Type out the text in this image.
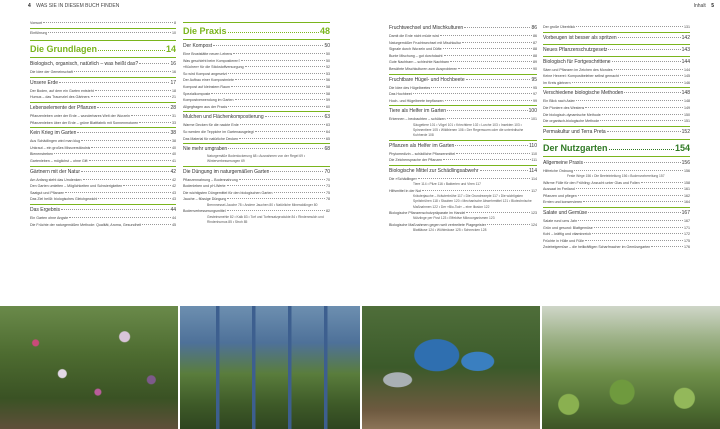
4 WAS SIE IN DIESEM BUCH FINDEN	Inhalt 5
Vorwort	8
Einführung	10
Die Grundlagen	14
Biologisch, organisch, natürlich – was heißt das?	16
Die Idee der Gemeinschaft	16
Unsere Erde	17
Der Boden, auf dem ein Garten entsteht	18
Humus – das Traumziel des Gärtners	21
Lebenselemente der Pflanzen	28
Pflanzenleben unter der Erde – wunderbares Welt der Wurzeln	31
Pflanzenleben über der Erde – grüne Blattfabrik mit Sonnenmotoren	33
Kein Krieg im Garten	38
Aus Schädlingen wird man klug	38
Unkraut – ein großes Missverständnis	40
Bienenstreben	40
Gartenleben – möglichst – ohne Gift	41
Gärtnern mit der Natur	42
Am Anfang steht das Umdenken	42
Den Garten umleiten – Möglichkeiten und Schwierigkeiten	42
Saatgut und Pflanzen	43
Das Ziel heißt: biologisches Gleichgewicht	43
Das Ergebnis	44
Ein Garten ohne Angste	44
Die Früchte der naturgemäßen Methode: Qualität, Aroma, Gesundheit	45
Die Praxis	48
Der Kompost	50
Eine Bruststätte neuen Lebens	50
Was geschieht beim Kompostieren?	50
»Küchen« für die Stickstoffversorgung	52
So wird Kompost angesetzt	53
Der Aufbau einer Kompostmiete	56
Kompost auf kleinstem Raum	58
Spezialkomposte	58
Kompostverwendung im Garten	59
Allgegfragen aus der Praxis	60
Mulchen und Flächenkompostierung	63
Warme Decken für die nackte Erde	63
So werden die Teppiche im Gartenausgelegt	64
Das Material für natürliche Decken	65
Nie mehr umgraben	68
Naturgemäße Bodenlockerung 68 • Ausnahmen von der Regel 69 • Winterverbesserungen 69
Die Düngung im naturgemäßen Garten	70
Pflanzennahrung – Bodennahrung	70
Bodenleben und pH-Werte	73
Die wichtigsten Düngemittel für den biologischen Garten	75
Jauche – flüssige Düngung	78
Brennnessel-Jauche 78 • Andere Jauchen 80 • Natürliche Mineraldünger 80
Bodenverbesserungsmittel	82
Gesteinsmehle 82 • Kalk 83 • Torf und Torfersatzprodukte 84 • Rindenmulch und Rindenhumus 85 • Stroh 85
Fruchtwechsel und Mischkulturen	86
Damit die Erde nicht müde wird	86
Naturgemäßer Fruchtwechsel mit Mischkultur	87
Signale durch Wurzeln und Düfte	88
Bunte Mischung – gut durchdacht	88
Gute Nachbarn – schlechte Nachbarn	89
Bewährte Mischkulturen zum Ausprobieren	90
Fruchtbare Hügel- und Hochbeete	95
Die Idee des Hügelbeetes	95
Das Hochbeet	97
Hoch- und Hügelbeete bepflanzen	99
Tiere als Helfer im Garten	100
Erkennen – beobachten – schützen	101
Säugetiere 101 • Vögel 101 • Kriechtiere 102 • Lurche 103 • Insekten 103 • Spinnentiere 105 • Wildbienen 106 • Der Regenwurm oder die unterirdische Kuhherde 108
Pflanzen als Helfer im Garten	110
Phytomedizin – schädliche Pflanzenmittel	110
Die Zeichensprache der Pflanzen	111
Biologische Mittel zur Schädlingsabwehr	114
Die »Schädlinge«	114
Tiere 114 • Pilze 116 • Bakterien und Viren 117
Hilfsmittel in der Not	117
Kräuterjauche – Kräuterbrühe 117 • Die Grundrezepte 117 • Die wichtigsten Spritzbrühen 118 • Stauben 120 • Mechanische Abwehrmittel 121 • Biotechnische Maßnahmen 122 • Der »Bio-Tod« – eine Illusion 122
Biologische Pflanzenschutzpräparate im Handel	123
Nützlinge per Post 123 • Effektive Mikroorganismen 123
Biologische Maßnahmen gegen weit verbreitete Plagegeister	124
Blattläuse 124 • Wühlmäuse 125 • Schnecken 128
Der große Überblick	131
Vorbeugen ist besser als spritzen	142
Neues Pflanzenschutzgesetz	143
Biologisch für Fortgeschrittene	144
Säen und Pflanzen im Zeichen des Mondes	144
Keine Hexerei: Kompostbeleber selbst gemacht	145
Im Kreis gärtnern	146
Verschiedene biologische Methoden	148
Ein Blick nach Asien	148
Die Pioniere des Westens	149
Die biologisch-dynamische Methode	150
Die organisch-biologische Methode	151
Permakultur und Terra Preta	152
Der Nutzgarten	154
Allgemeine Praxis	156
Hilfreiche Ordnung	156
Feste Wege 156 • Die Beeteinteilung 156 • Bodenvorbereitung 157
Wärme Fülle für den Frühling: Anzucht unter Glas und Folien	158
Aussaat im Freiland	161
Pflanzen und pflegen	162
Ernten und konservieren	164
Salate und Gemüse	167
Salate rund ums Jahr	167
Grün und gesund: Blattgemüse	171
Kohl – kräftig und vitaminreich	172
Früchte in Hülle und Fülle	175
Zwiebelgemüse – die heilkräftigen Scharfmacher im Gemüsegarten	176
